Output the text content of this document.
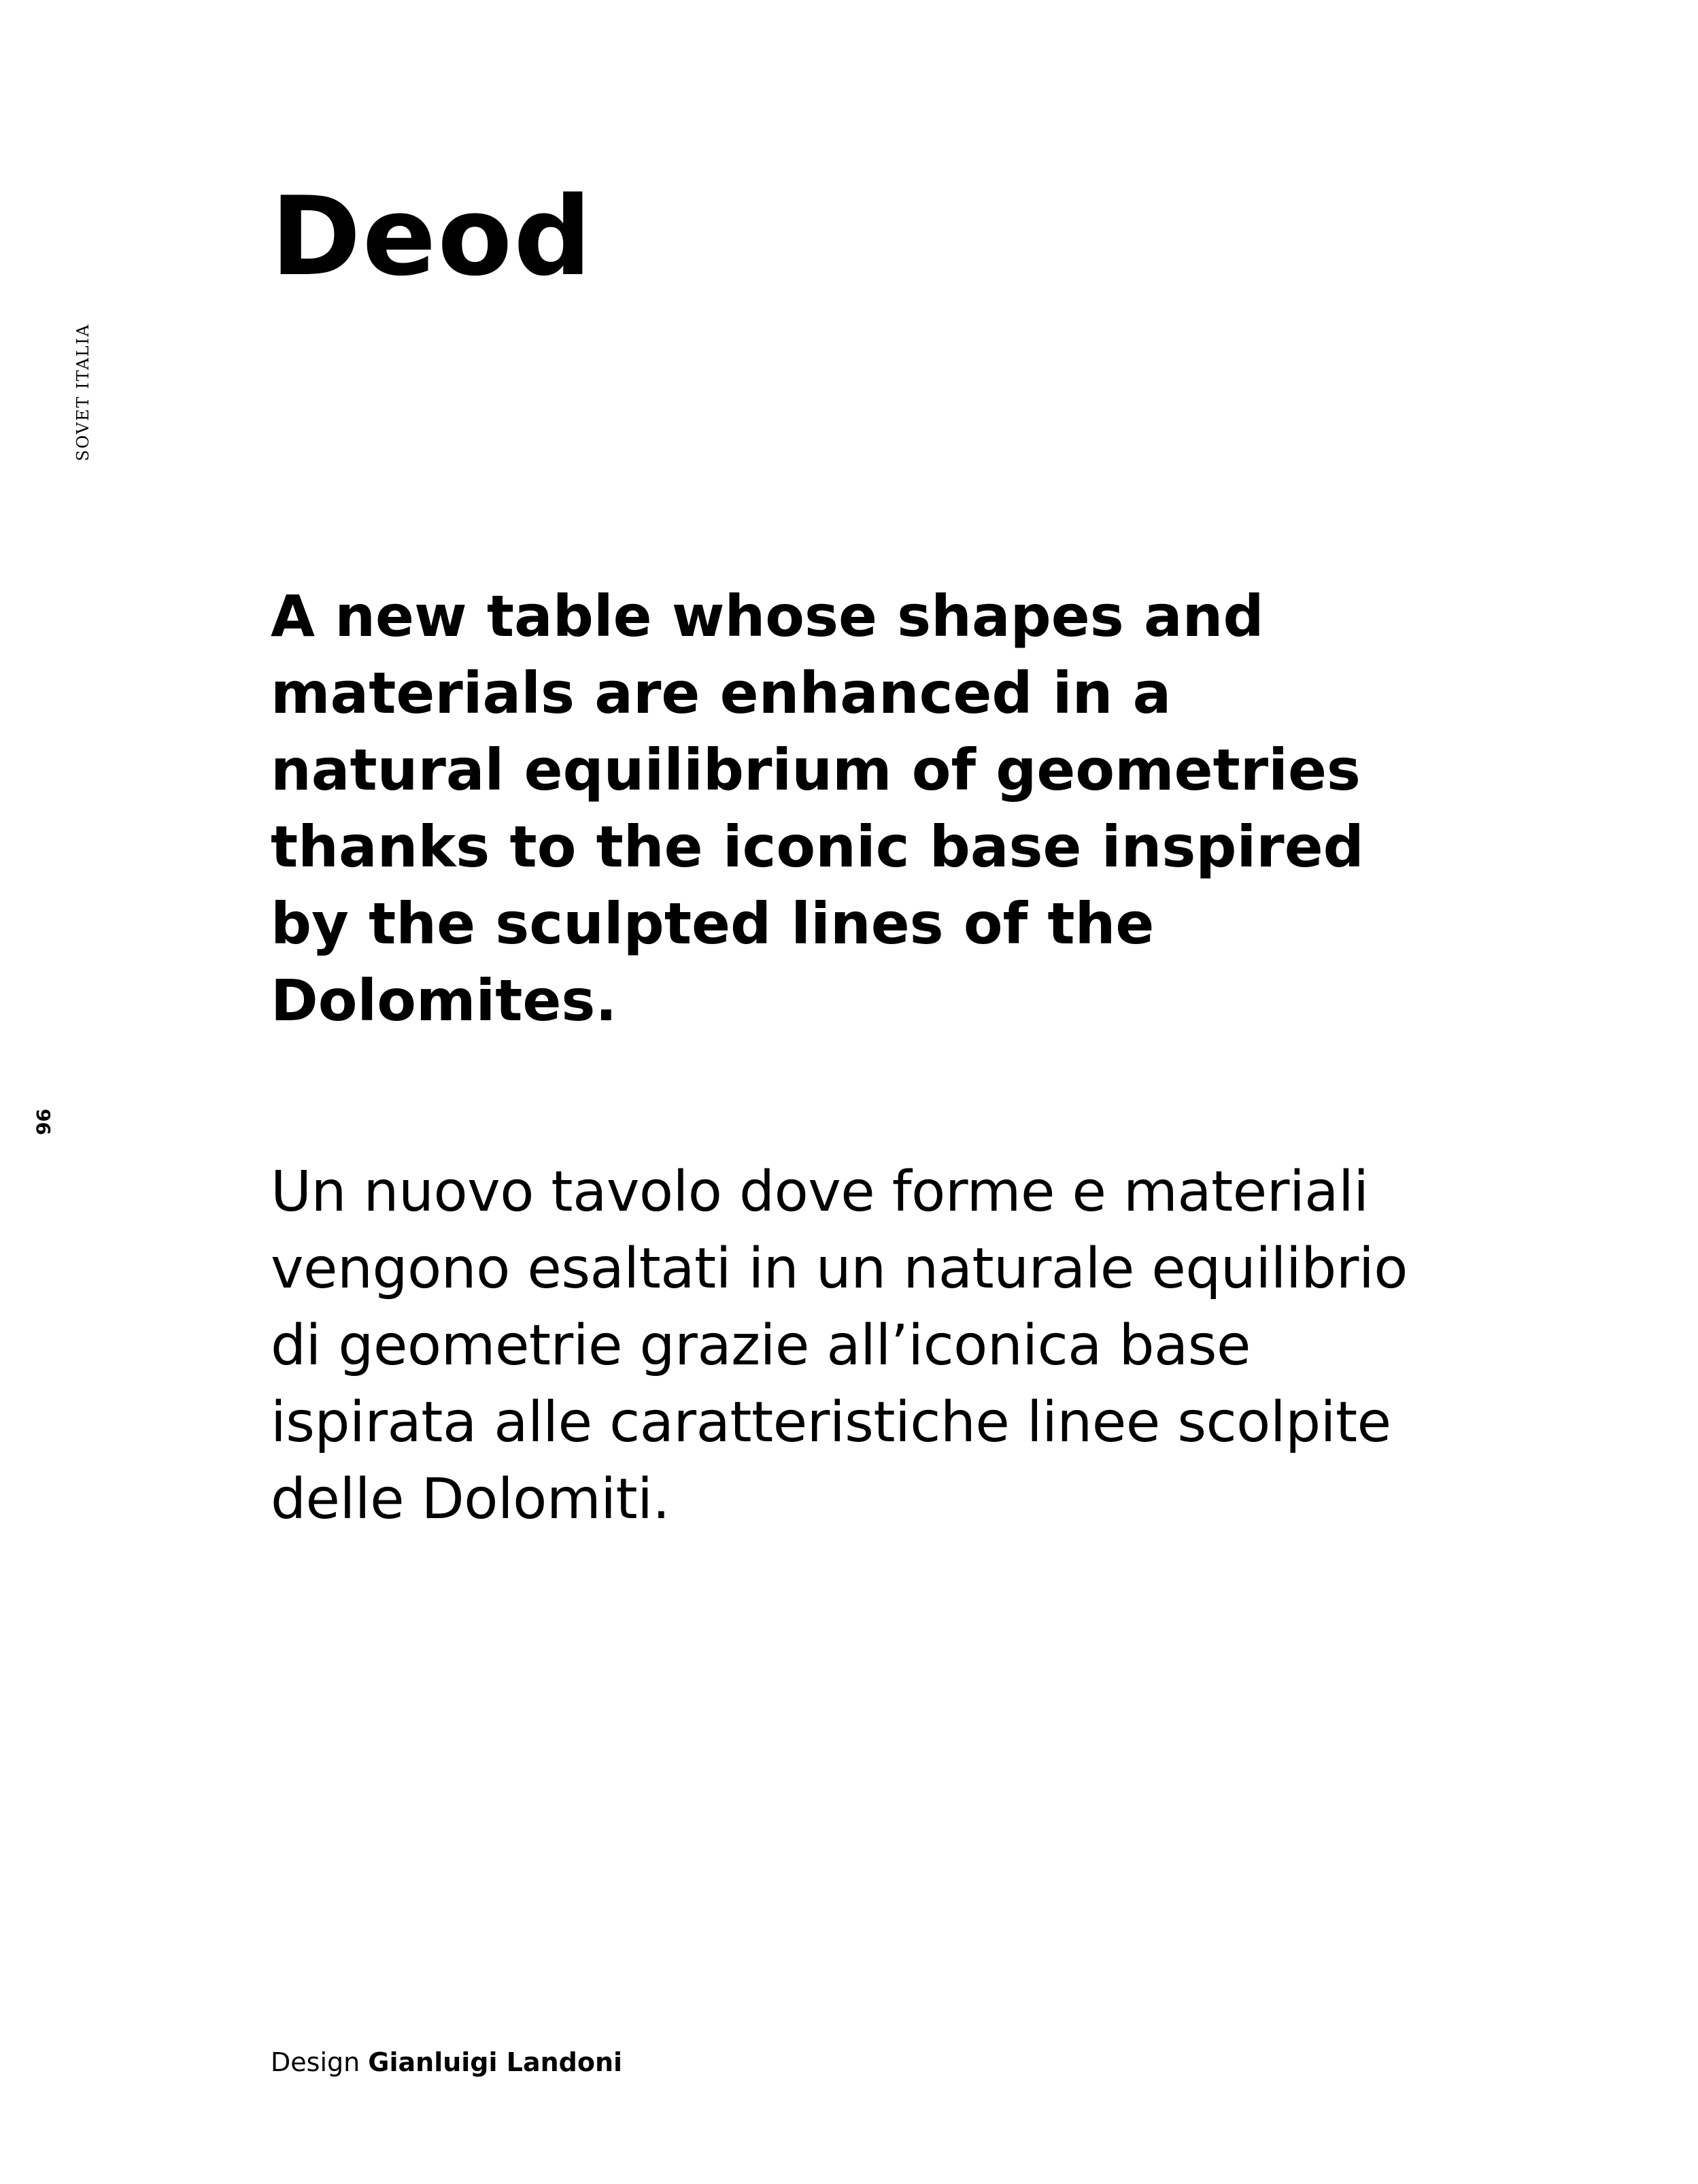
SOVET ITALIA
96
Deod

A new table whose shapes and
materials are enhanced in a
natural equilibrium of geometries
thanks to the iconic base inspired
by the sculpted lines of the
Dolomites.

Un nuovo tavolo dove forme e materiali
vengono esaltati in un naturale equilibrio
di geometrie grazie all’iconica base
ispirata alle caratteristiche linee scolpite
delle Dolomiti.

Design Gianluigi Landoni
